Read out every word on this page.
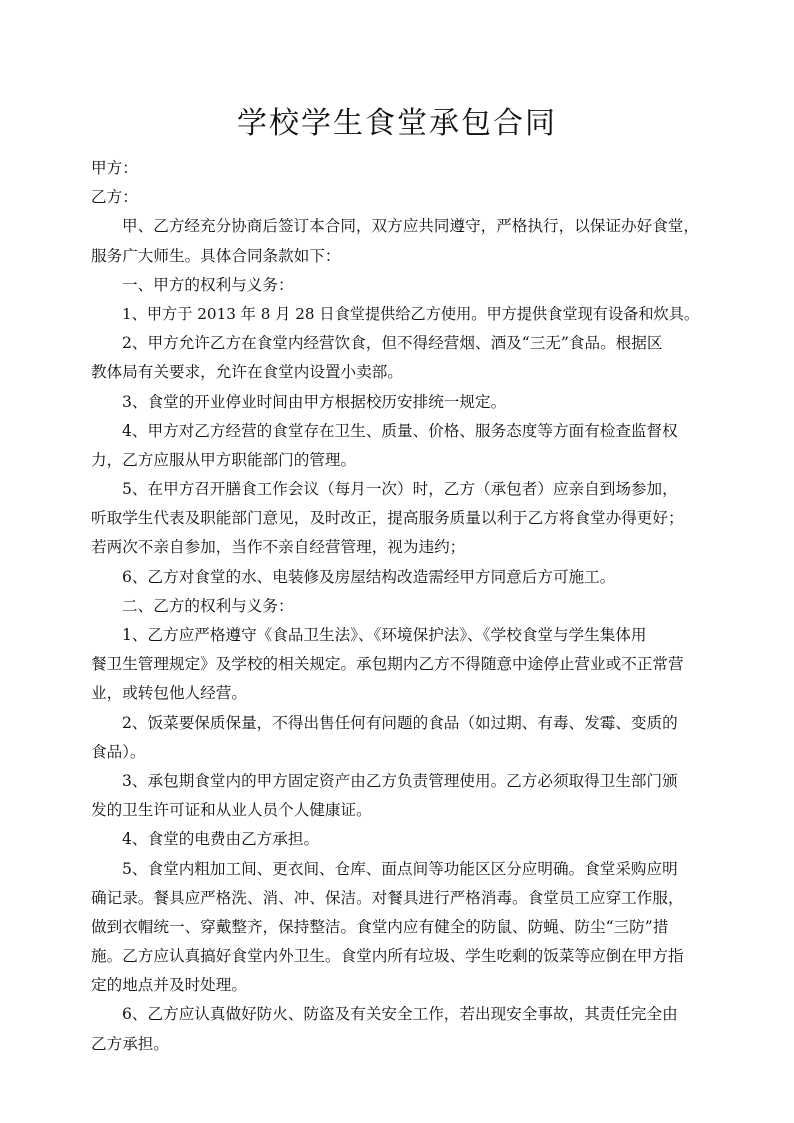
学校学生食堂承包合同
甲方：
乙方：
甲、乙方经充分协商后签订本合同，双方应共同遵守，严格执行，以保证办好食堂，
服务广大师生。具体合同条款如下：
一、甲方的权利与义务：
1、甲方于 2013 年 8 月 28 日食堂提供给乙方使用。甲方提供食堂现有设备和炊具。
2、甲方允许乙方在食堂内经营饮食，但不得经营烟、酒及“三无”食品。根据区
教体局有关要求，允许在食堂内设置小卖部。
3、食堂的开业停业时间由甲方根据校历安排统一规定。
4、甲方对乙方经营的食堂存在卫生、质量、价格、服务态度等方面有检查监督权
力，乙方应服从甲方职能部门的管理。
5、在甲方召开膳食工作会议（每月一次）时，乙方（承包者）应亲自到场参加，
听取学生代表及职能部门意见，及时改正，提高服务质量以利于乙方将食堂办得更好；
若两次不亲自参加，当作不亲自经营管理，视为违约；
6、乙方对食堂的水、电装修及房屋结构改造需经甲方同意后方可施工。
二、乙方的权利与义务：
1、乙方应严格遵守《食品卫生法》、《环境保护法》、《学校食堂与学生集体用
餐卫生管理规定》及学校的相关规定。承包期内乙方不得随意中途停止营业或不正常营
业，或转包他人经营。
2、饭菜要保质保量，不得出售任何有问题的食品（如过期、有毒、发霉、变质的
食品）。
3、承包期食堂内的甲方固定资产由乙方负责管理使用。乙方必须取得卫生部门颁
发的卫生许可证和从业人员个人健康证。
4、食堂的电费由乙方承担。
5、食堂内粗加工间、更衣间、仓库、面点间等功能区区分应明确。食堂采购应明
确记录。餐具应严格洗、消、冲、保洁。对餐具进行严格消毒。食堂员工应穿工作服，
做到衣帽统一、穿戴整齐，保持整洁。食堂内应有健全的防鼠、防蝇、防尘“三防”措
施。乙方应认真搞好食堂内外卫生。食堂内所有垃圾、学生吃剩的饭菜等应倒在甲方指
定的地点并及时处理。
6、乙方应认真做好防火、防盗及有关安全工作，若出现安全事故，其责任完全由
乙方承担。
